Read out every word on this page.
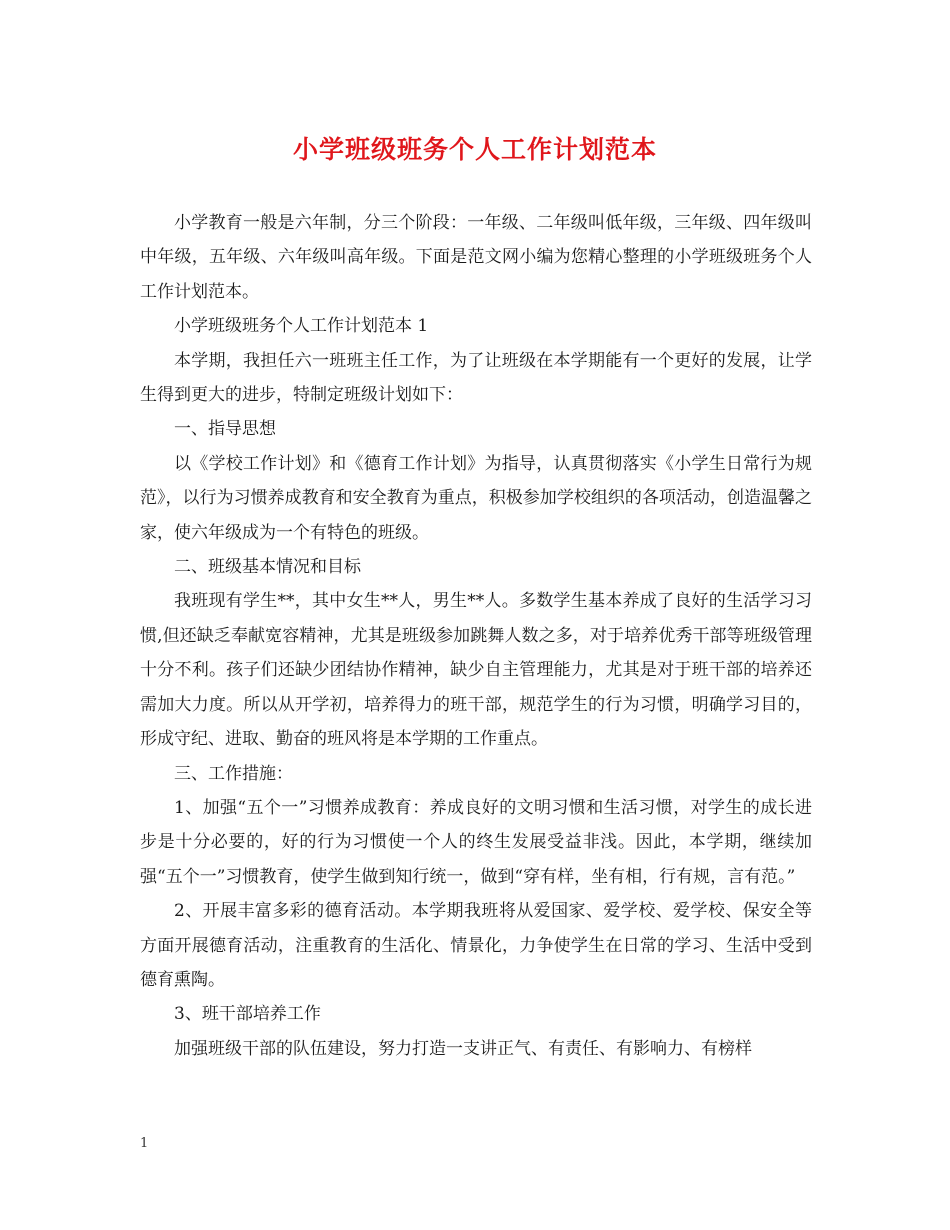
小学班级班务个人工作计划范本

小学教育一般是六年制，分三个阶段：一年级、二年级叫低年级，三年级、四年级叫中年级，五年级、六年级叫高年级。下面是范文网小编为您精心整理的小学班级班务个人工作计划范本。

小学班级班务个人工作计划范本 1

本学期，我担任六一班班主任工作，为了让班级在本学期能有一个更好的发展，让学生得到更大的进步，特制定班级计划如下：

一、指导思想

以《学校工作计划》和《德育工作计划》为指导，认真贯彻落实《小学生日常行为规范》，以行为习惯养成教育和安全教育为重点，积极参加学校组织的各项活动，创造温馨之家，使六年级成为一个有特色的班级。

二、班级基本情况和目标

我班现有学生**，其中女生**人，男生**人。多数学生基本养成了良好的生活学习习惯,但还缺乏奉献宽容精神，尤其是班级参加跳舞人数之多，对于培养优秀干部等班级管理十分不利。孩子们还缺少团结协作精神，缺少自主管理能力，尤其是对于班干部的培养还需加大力度。所以从开学初，培养得力的班干部，规范学生的行为习惯，明确学习目的，形成守纪、进取、勤奋的班风将是本学期的工作重点。

三、工作措施：

1、加强“五个一”习惯养成教育：养成良好的文明习惯和生活习惯，对学生的成长进步是十分必要的，好的行为习惯使一个人的终生发展受益非浅。因此，本学期，继续加强“五个一”习惯教育，使学生做到知行统一，做到“穿有样，坐有相，行有规，言有范。”

2、开展丰富多彩的德育活动。本学期我班将从爱国家、爱学校、爱学校、保安全等方面开展德育活动，注重教育的生活化、情景化，力争使学生在日常的学习、生活中受到德育熏陶。

3、班干部培养工作

加强班级干部的队伍建设，努力打造一支讲正气、有责任、有影响力、有榜样

1
